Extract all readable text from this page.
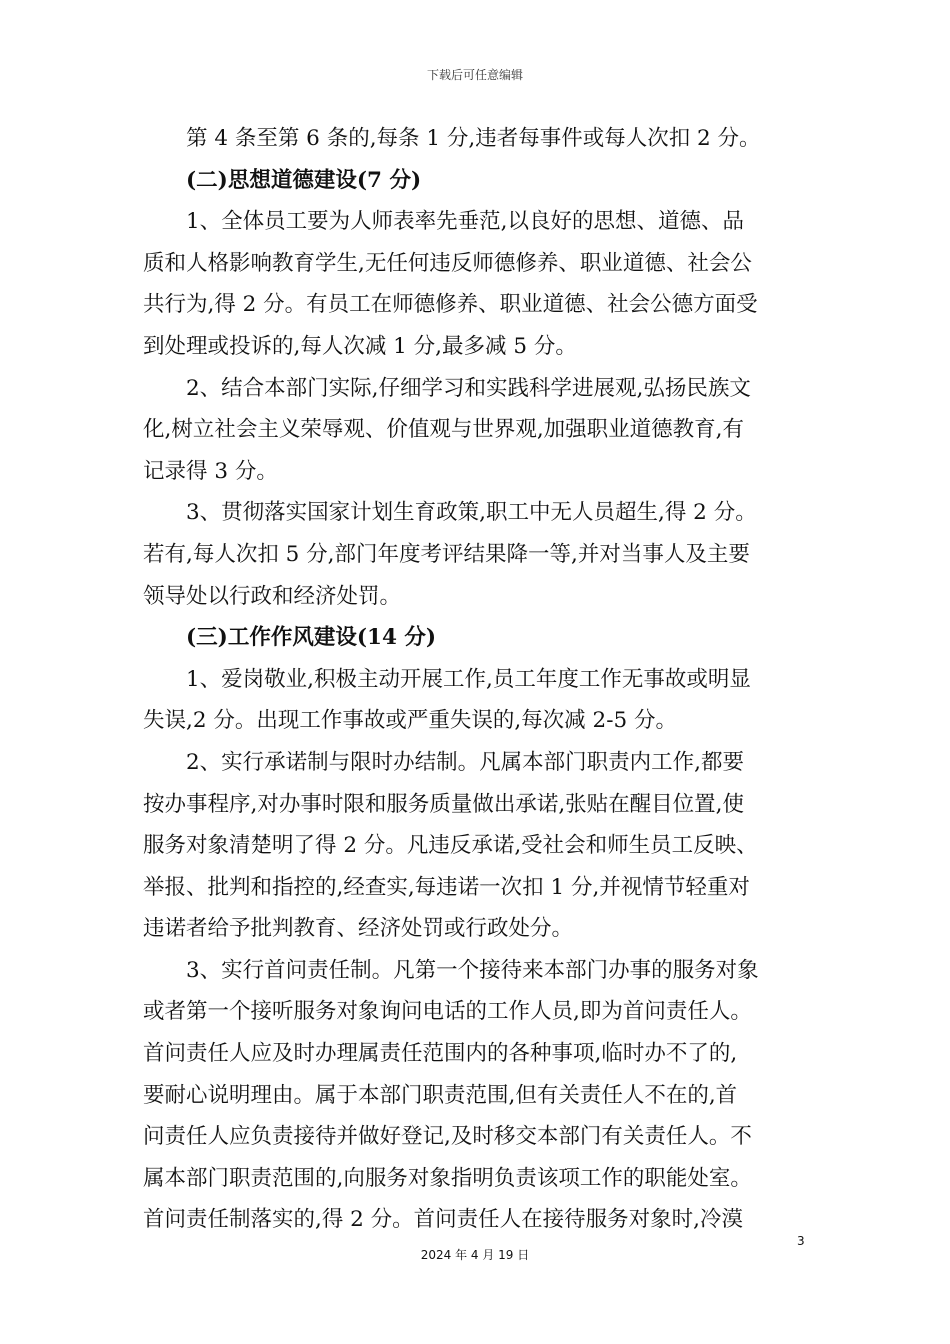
下载后可任意编辑
第 4 条至第 6 条的,每条 1 分,违者每事件或每人次扣 2 分。
(二)思想道德建设(7 分)
1、全体员工要为人师表率先垂范,以良好的思想、道德、品
质和人格影响教育学生,无任何违反师德修养、职业道德、社会公
共行为,得 2 分。有员工在师德修养、职业道德、社会公德方面受
到处理或投诉的,每人次减 1 分,最多减 5 分。
2、结合本部门实际,仔细学习和实践科学进展观,弘扬民族文
化,树立社会主义荣辱观、价值观与世界观,加强职业道德教育,有
记录得 3 分。
3、贯彻落实国家计划生育政策,职工中无人员超生,得 2 分。
若有,每人次扣 5 分,部门年度考评结果降一等,并对当事人及主要
领导处以行政和经济处罚。
(三)工作作风建设(14 分)
1、爱岗敬业,积极主动开展工作,员工年度工作无事故或明显
失误,2 分。出现工作事故或严重失误的,每次减 2-5 分。
2、实行承诺制与限时办结制。凡属本部门职责内工作,都要
按办事程序,对办事时限和服务质量做出承诺,张贴在醒目位置,使
服务对象清楚明了得 2 分。凡违反承诺,受社会和师生员工反映、
举报、批判和指控的,经查实,每违诺一次扣 1 分,并视情节轻重对
违诺者给予批判教育、经济处罚或行政处分。
3、实行首问责任制。凡第一个接待来本部门办事的服务对象
或者第一个接听服务对象询问电话的工作人员,即为首问责任人。
首问责任人应及时办理属责任范围内的各种事项,临时办不了的,
要耐心说明理由。属于本部门职责范围,但有关责任人不在的,首
问责任人应负责接待并做好登记,及时移交本部门有关责任人。不
属本部门职责范围的,向服务对象指明负责该项工作的职能处室。
首问责任制落实的,得 2 分。首问责任人在接待服务对象时,冷漠
3
2024 年 4 月 19 日
